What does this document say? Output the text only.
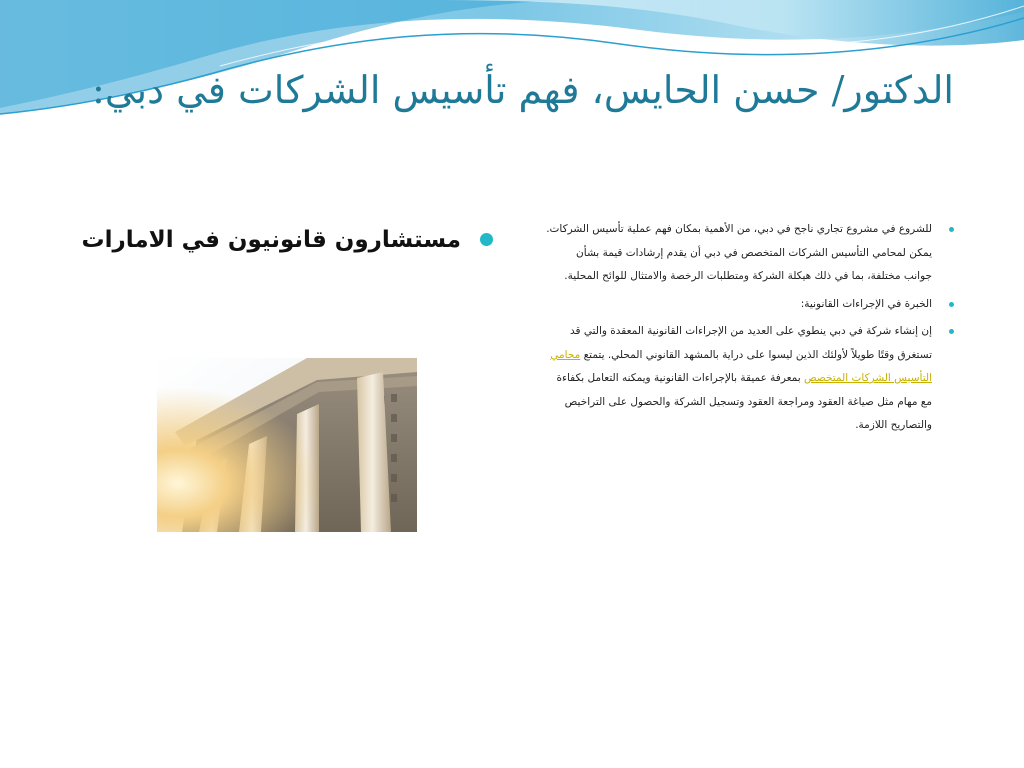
الدكتور/ حسن الحايس، فهم تأسيس الشركات في دبي:
للشروع في مشروع تجاري ناجح في دبي، من الأهمية بمكان فهم عملية تأسيس الشركات. يمكن لمحامي التأسيس الشركات المتخصص في دبي أن يقدم إرشادات قيمة بشأن جوانب مختلفة، بما في ذلك هيكلة الشركة ومتطلبات الرخصة والامتثال للوائح المحلية.
الخبرة في الإجراءات القانونية:
إن إنشاء شركة في دبي ينطوي على العديد من الإجراءات القانونية المعقدة والتي قد تستغرق وقتًا طويلاً لأولئك الذين ليسوا على دراية بالمشهد القانوني المحلي. يتمتع محامي التأسيس الشركات المتخصص بمعرفة عميقة بالإجراءات القانونية ويمكنه التعامل بكفاءة مع مهام مثل صياغة العقود ومراجعة العقود وتسجيل الشركة والحصول على التراخيص والتصاريح اللازمة.
مستشارون قانونيون في الامارات
